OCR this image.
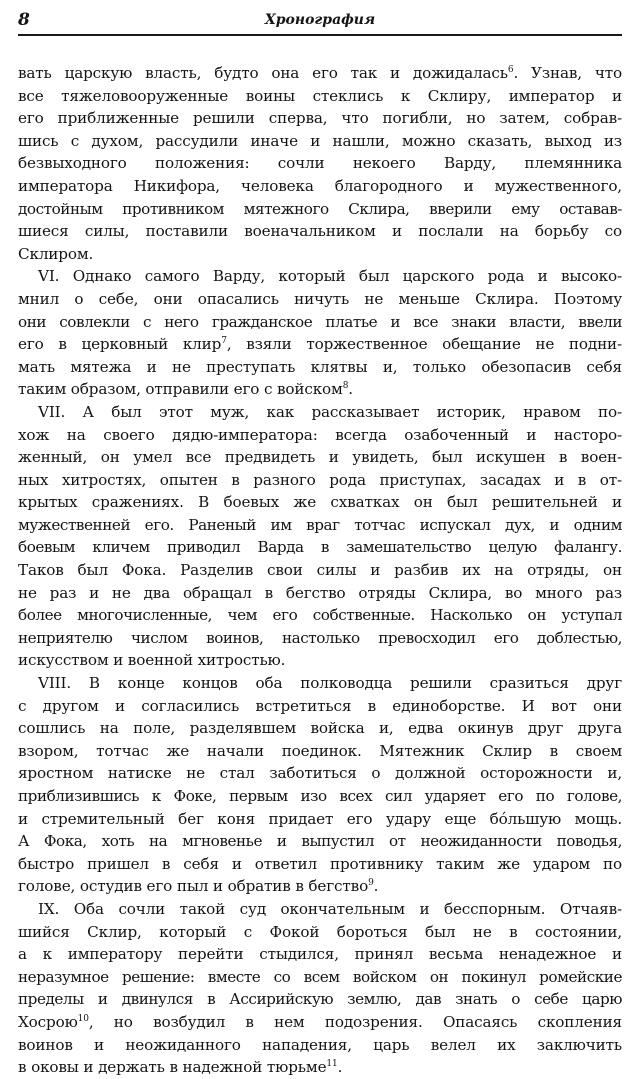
8	Хронография
вать царскую власть, будто она его так и дожидалась$^6$. Узнав, что
все тяжеловооруженные воины стеклись к Склиру, император и
его приближенные решили сперва, что погибли, но затем, собрав-
шись с духом, рассудили иначе и нашли, можно сказать, выход из
безвыходного положения: сочли некоего Варду, племянника
императора Никифора, человека благородного и мужественного,
достойным противником мятежного Склира, вверили ему оставав-
шиеся силы, поставили военачальником и послали на борьбу со
Склиром.
VI. Однако самого Варду, который был царского рода и высоко-
мнил о себе, они опасались ничуть не меньше Склира. Поэтому
они совлекли с него гражданское платье и все знаки власти, ввели
его в церковный клир$^7$, взяли торжественное обещание не подни-
мать мятежа и не преступать клятвы и, только обезопасив себя
таким образом, отправили его с войском$^8$.
VII. А был этот муж, как рассказывает историк, нравом по-
хож на своего дядю-императора: всегда озабоченный и насторо-
женный, он умел все предвидеть и увидеть, был искушен в воен-
ных хитростях, опытен в разного рода приступах, засадах и в от-
крытых сражениях. В боевых же схватках он был решительней и
мужественней его. Раненый им враг тотчас испускал дух, и одним
боевым кличем приводил Варда в замешательство целую фалангу.
Таков был Фока. Разделив свои силы и разбив их на отряды, он
не раз и не два обращал в бегство отряды Склира, во много раз
более многочисленные, чем его собственные. Насколько он уступал
неприятелю числом воинов, настолько превосходил его доблестью,
искусством и военной хитростью.
VIII. В конце концов оба полководца решили сразиться друг
с другом и согласились встретиться в единоборстве. И вот они
сошлись на поле, разделявшем войска и, едва окинув друг друга
взором, тотчас же начали поединок. Мятежник Склир в своем
яростном натиске не стал заботиться о должной осторожности и,
приблизившись к Фоке, первым изо всех сил ударяет его по голове,
и стремительный бег коня придает его удару еще бóльшую мощь.
А Фока, хоть на мгновенье и выпустил от неожиданности поводья,
быстро пришел в себя и ответил противнику таким же ударом по
голове, остудив его пыл и обратив в бегство$^9$.
IX. Оба сочли такой суд окончательным и бесспорным. Отчаяв-
шийся Склир, который с Фокой бороться был не в состоянии,
а к императору перейти стыдился, принял весьма ненадежное и
неразумное решение: вместе со всем войском он покинул ромейские
пределы и двинулся в Ассирийскую землю, дав знать о себе царю
Хосрою$^{10}$, но возбудил в нем подозрения. Опасаясь скопления
воинов и неожиданного нападения, царь велел их заключить
в оковы и держать в надежной тюрьме$^{11}$.
